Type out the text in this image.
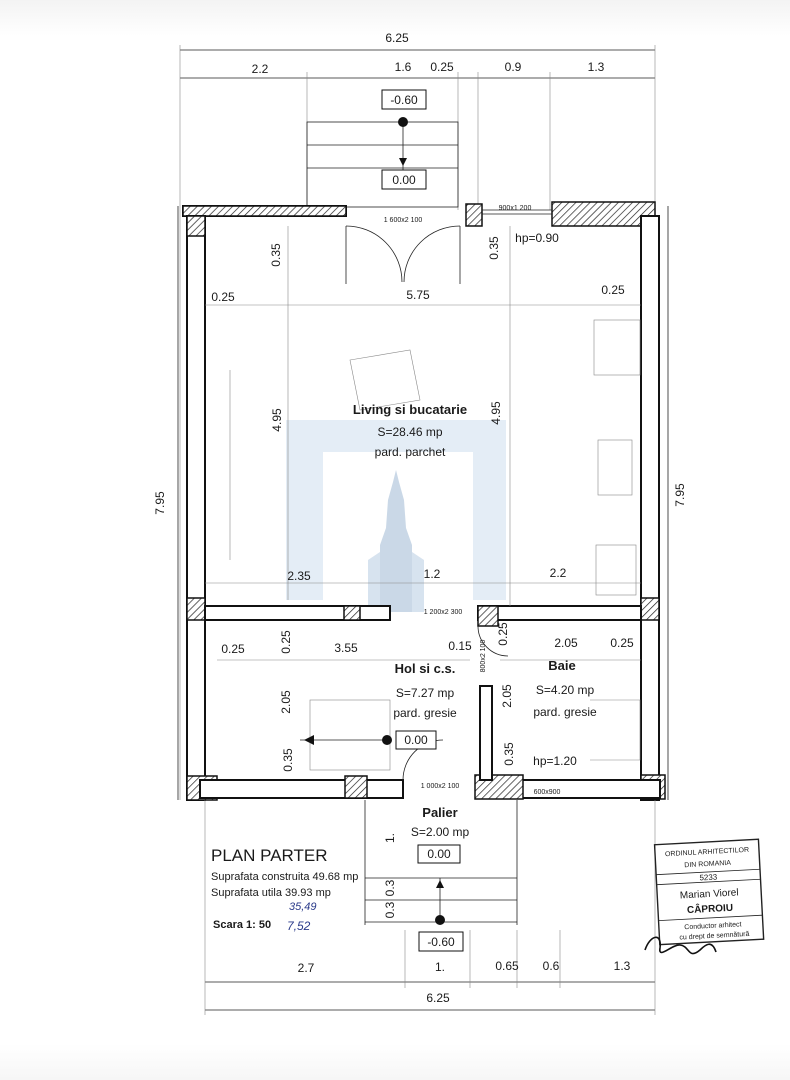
6.25
2.2	1.6 0.25	0.9	1.3
-0.60
0.00
0.00
7.95	7.95
0.35	0.35
0.25	5.75	0.25
4.95	4.95
2.35	1.2	2.2
1 600x2 100
900x1 200
hp=0.90
1 200x2 300
800x2 100
1 000x2 100
600x900
hp=1.20
Living si bucatarie
S=28.46 mp
pard. parchet
Hol si c.s.
S=7.27 mp
pard. gresie
Baie
S=4.20 mp
pard. gresie
0.25	3.55	0.15
0.25	2.05	0.25
0.25
2.05
0.35
2.05
0.35
Palier
S=2.00 mp
0.00
-0.60
1.
0.3
0.3
PLAN PARTER
Suprafata construita 49.68 mp
Suprafata utila 39.93 mp
Scara 1: 50
35,49
7,52
2.7	1.	0.65 0.6	1.3
6.25
ORDINUL ARHITECTILOR
DIN ROMANIA
5233
Marian Viorel
CÂPROIU
Conductor arhitect
cu drept de semnătură
